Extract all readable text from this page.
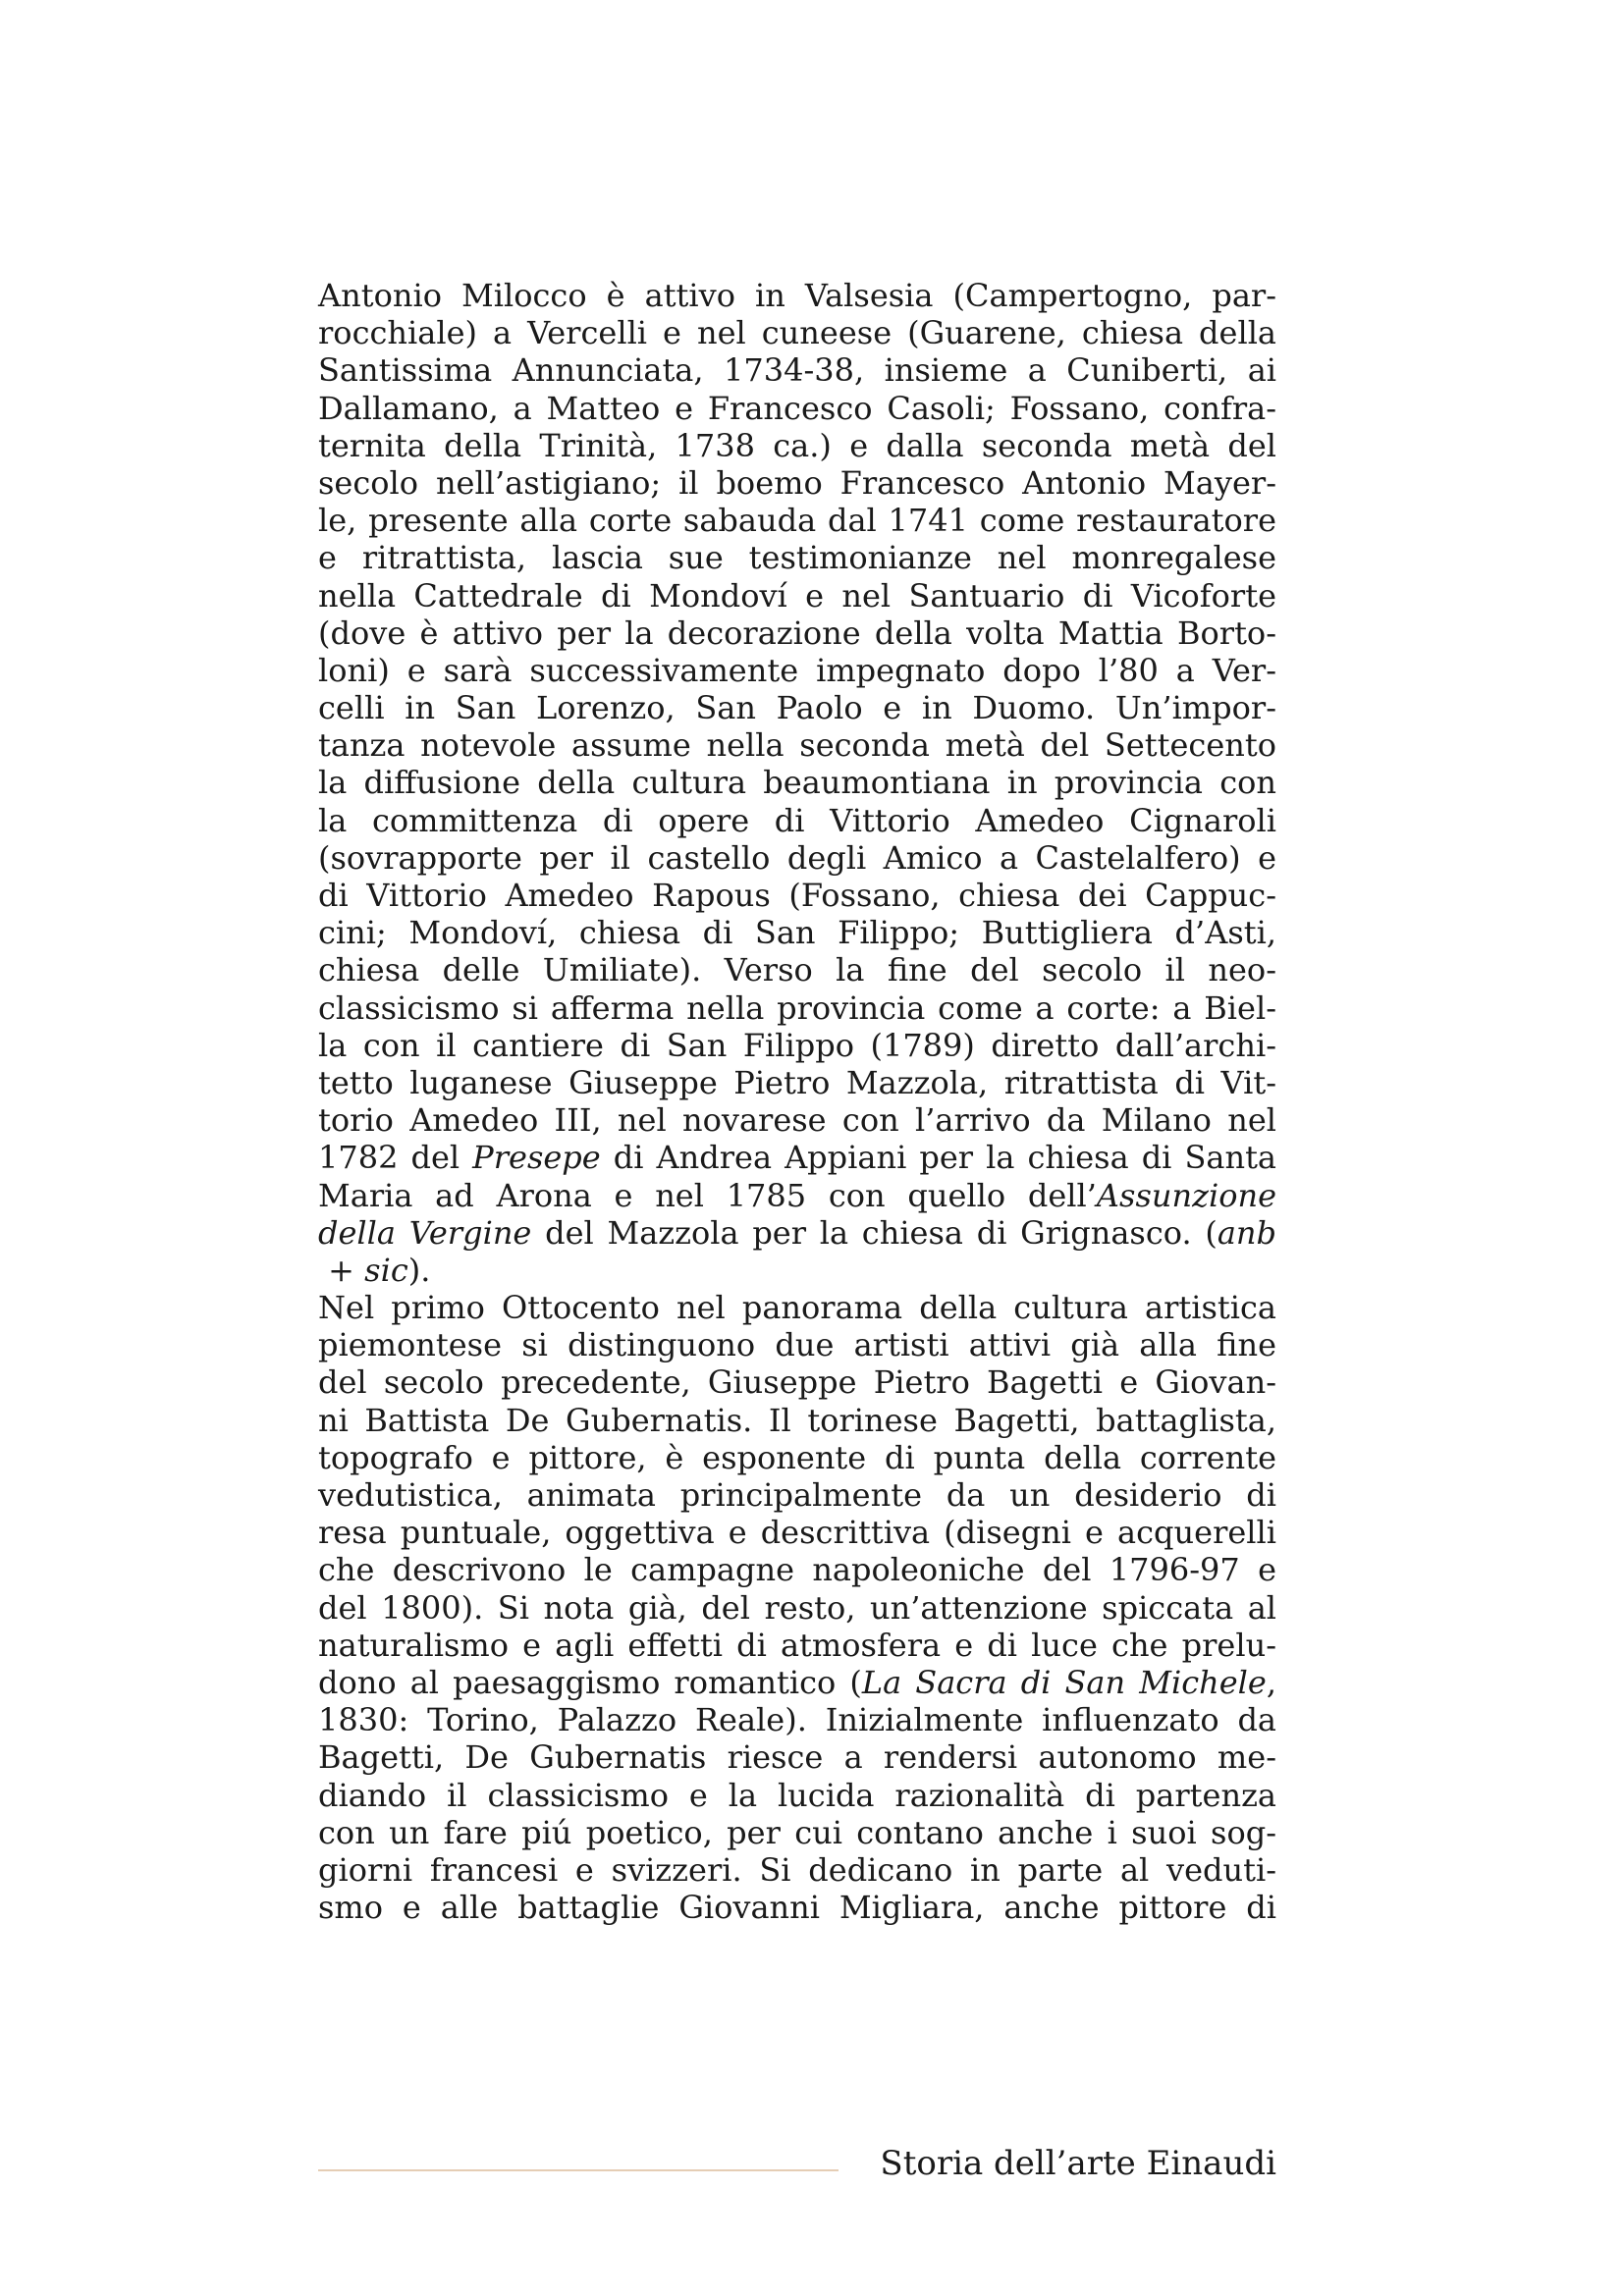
Antonio Milocco è attivo in Valsesia (Campertogno, par-
rocchiale) a Vercelli e nel cuneese (Guarene, chiesa della
Santissima Annunciata, 1734-38, insieme a Cuniberti, ai
Dallamano, a Matteo e Francesco Casoli; Fossano, confra-
ternita della Trinità, 1738 ca.) e dalla seconda metà del
secolo nell’astigiano; il boemo Francesco Antonio Mayer-
le, presente alla corte sabauda dal 1741 come restauratore
e ritrattista, lascia sue testimonianze nel monregalese
nella Cattedrale di Mondoví e nel Santuario di Vicoforte
(dove è attivo per la decorazione della volta Mattia Borto-
loni) e sarà successivamente impegnato dopo l’80 a Ver-
celli in San Lorenzo, San Paolo e in Duomo. Un’impor-
tanza notevole assume nella seconda metà del Settecento
la diffusione della cultura beaumontiana in provincia con
la committenza di opere di Vittorio Amedeo Cignaroli
(sovrapporte per il castello degli Amico a Castelalfero) e
di Vittorio Amedeo Rapous (Fossano, chiesa dei Cappuc-
cini; Mondoví, chiesa di San Filippo; Buttigliera d’Asti,
chiesa delle Umiliate). Verso la fine del secolo il neo-
classicismo si afferma nella provincia come a corte: a Biel-
la con il cantiere di San Filippo (1789) diretto dall’archi-
tetto luganese Giuseppe Pietro Mazzola, ritrattista di Vit-
torio Amedeo III, nel novarese con l’arrivo da Milano nel
1782 del Presepe di Andrea Appiani per la chiesa di Santa
Maria ad Arona e nel 1785 con quello dell’Assunzione
della Vergine del Mazzola per la chiesa di Grignasco. (anb
+ sic).
Nel primo Ottocento nel panorama della cultura artistica
piemontese si distinguono due artisti attivi già alla fine
del secolo precedente, Giuseppe Pietro Bagetti e Giovan-
ni Battista De Gubernatis. Il torinese Bagetti, battaglista,
topografo e pittore, è esponente di punta della corrente
vedutistica, animata principalmente da un desiderio di
resa puntuale, oggettiva e descrittiva (disegni e acquerelli
che descrivono le campagne napoleoniche del 1796-97 e
del 1800). Si nota già, del resto, un’attenzione spiccata al
naturalismo e agli effetti di atmosfera e di luce che prelu-
dono al paesaggismo romantico (La Sacra di San Michele,
1830: Torino, Palazzo Reale). Inizialmente influenzato da
Bagetti, De Gubernatis riesce a rendersi autonomo me-
diando il classicismo e la lucida razionalità di partenza
con un fare piú poetico, per cui contano anche i suoi sog-
giorni francesi e svizzeri. Si dedicano in parte al veduti-
smo e alle battaglie Giovanni Migliara, anche pittore di
Storia dell’arte Einaudi
